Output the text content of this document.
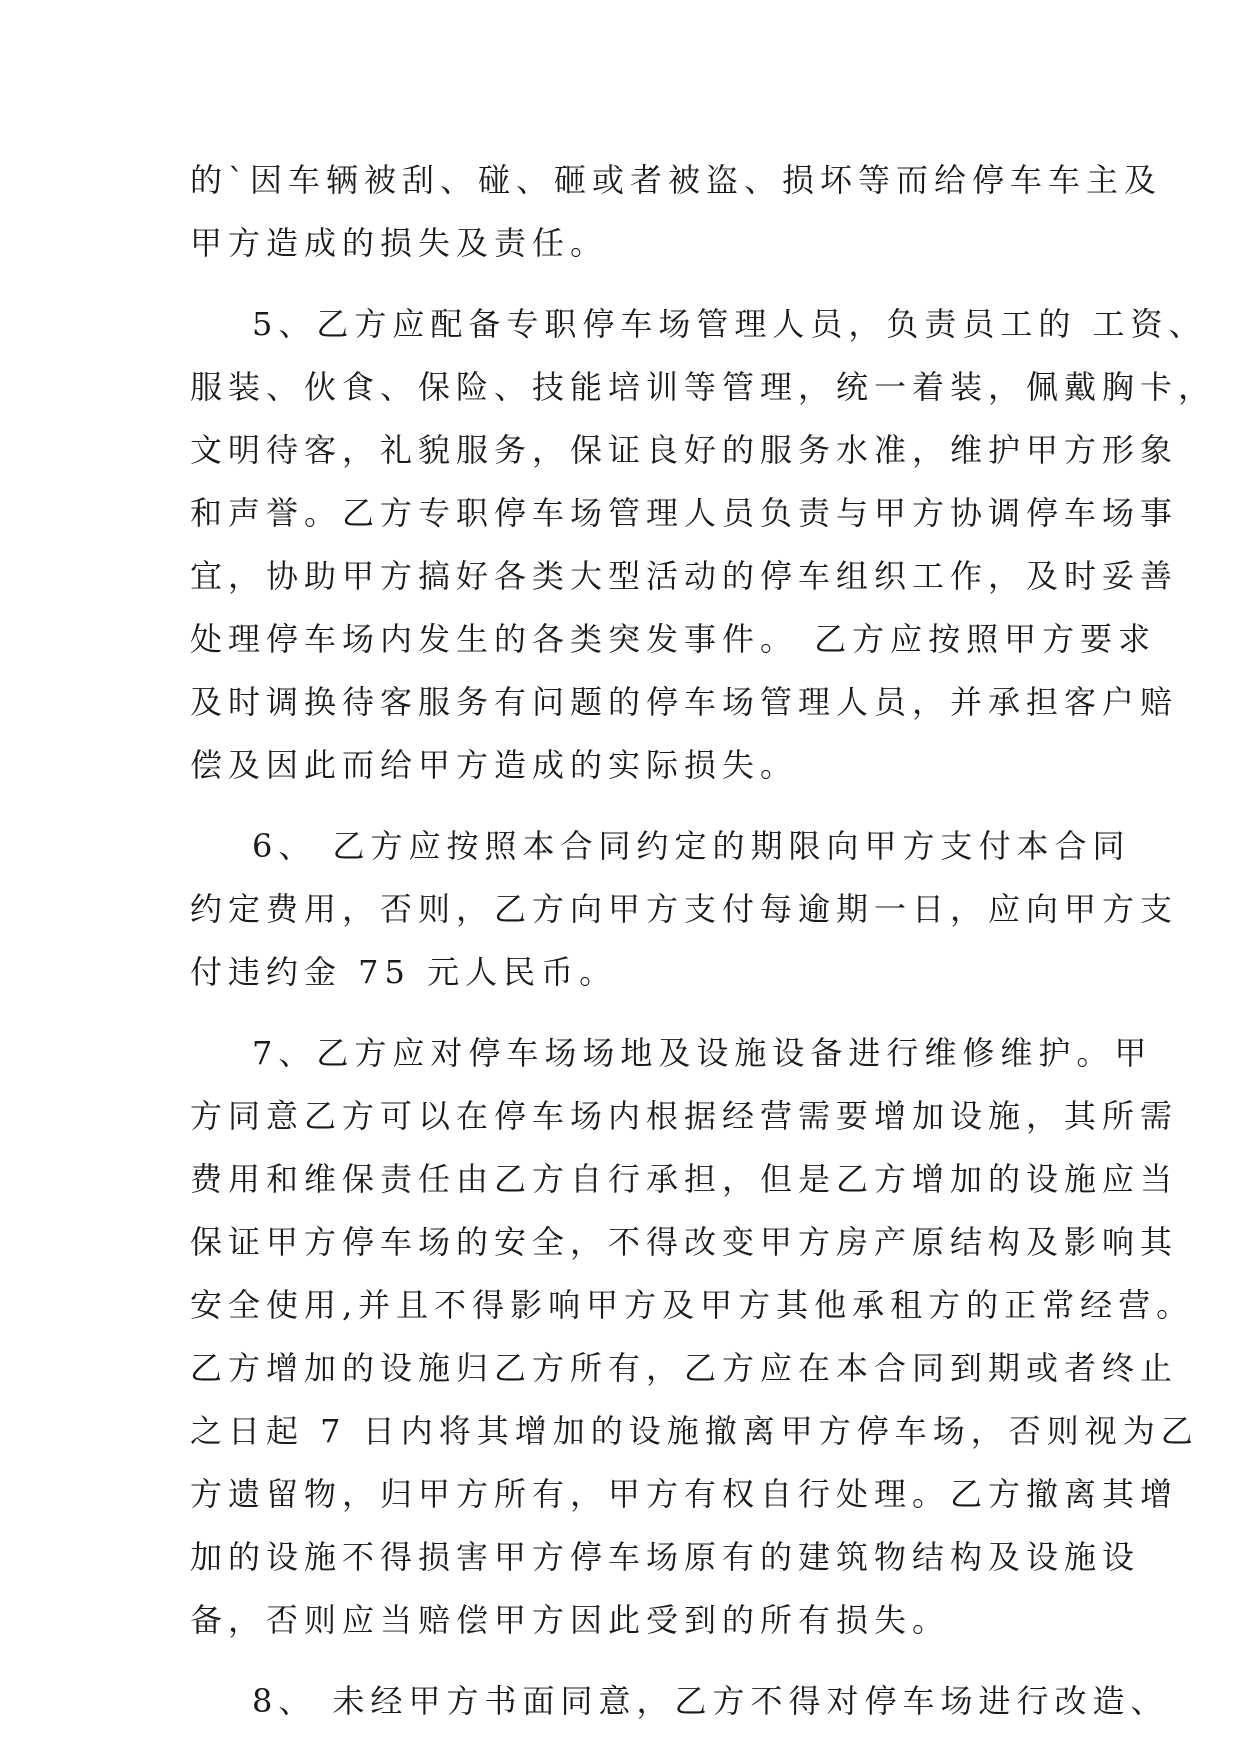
的`因车辆被刮、碰、砸或者被盗、损坏等而给停车车主及
甲方造成的损失及责任。
5、乙方应配备专职停车场管理人员，负责员工的 工资、
服装、伙食、保险、技能培训等管理，统一着装，佩戴胸卡，
文明待客，礼貌服务，保证良好的服务水准，维护甲方形象
和声誉。乙方专职停车场管理人员负责与甲方协调停车场事
宜，协助甲方搞好各类大型活动的停车组织工作，及时妥善
处理停车场内发生的各类突发事件。 乙方应按照甲方要求
及时调换待客服务有问题的停车场管理人员，并承担客户赔
偿及因此而给甲方造成的实际损失。
6、 乙方应按照本合同约定的期限向甲方支付本合同
约定费用，否则，乙方向甲方支付每逾期一日，应向甲方支
付违约金 75 元人民币。
7、乙方应对停车场场地及设施设备进行维修维护。甲
方同意乙方可以在停车场内根据经营需要增加设施，其所需
费用和维保责任由乙方自行承担，但是乙方增加的设施应当
保证甲方停车场的安全，不得改变甲方房产原结构及影响其
安全使用,并且不得影响甲方及甲方其他承租方的正常经营。
乙方增加的设施归乙方所有，乙方应在本合同到期或者终止
之日起 7 日内将其增加的设施撤离甲方停车场，否则视为乙
方遗留物，归甲方所有，甲方有权自行处理。乙方撤离其增
加的设施不得损害甲方停车场原有的建筑物结构及设施设
备，否则应当赔偿甲方因此受到的所有损失。
8、 未经甲方书面同意，乙方不得对停车场进行改造、
